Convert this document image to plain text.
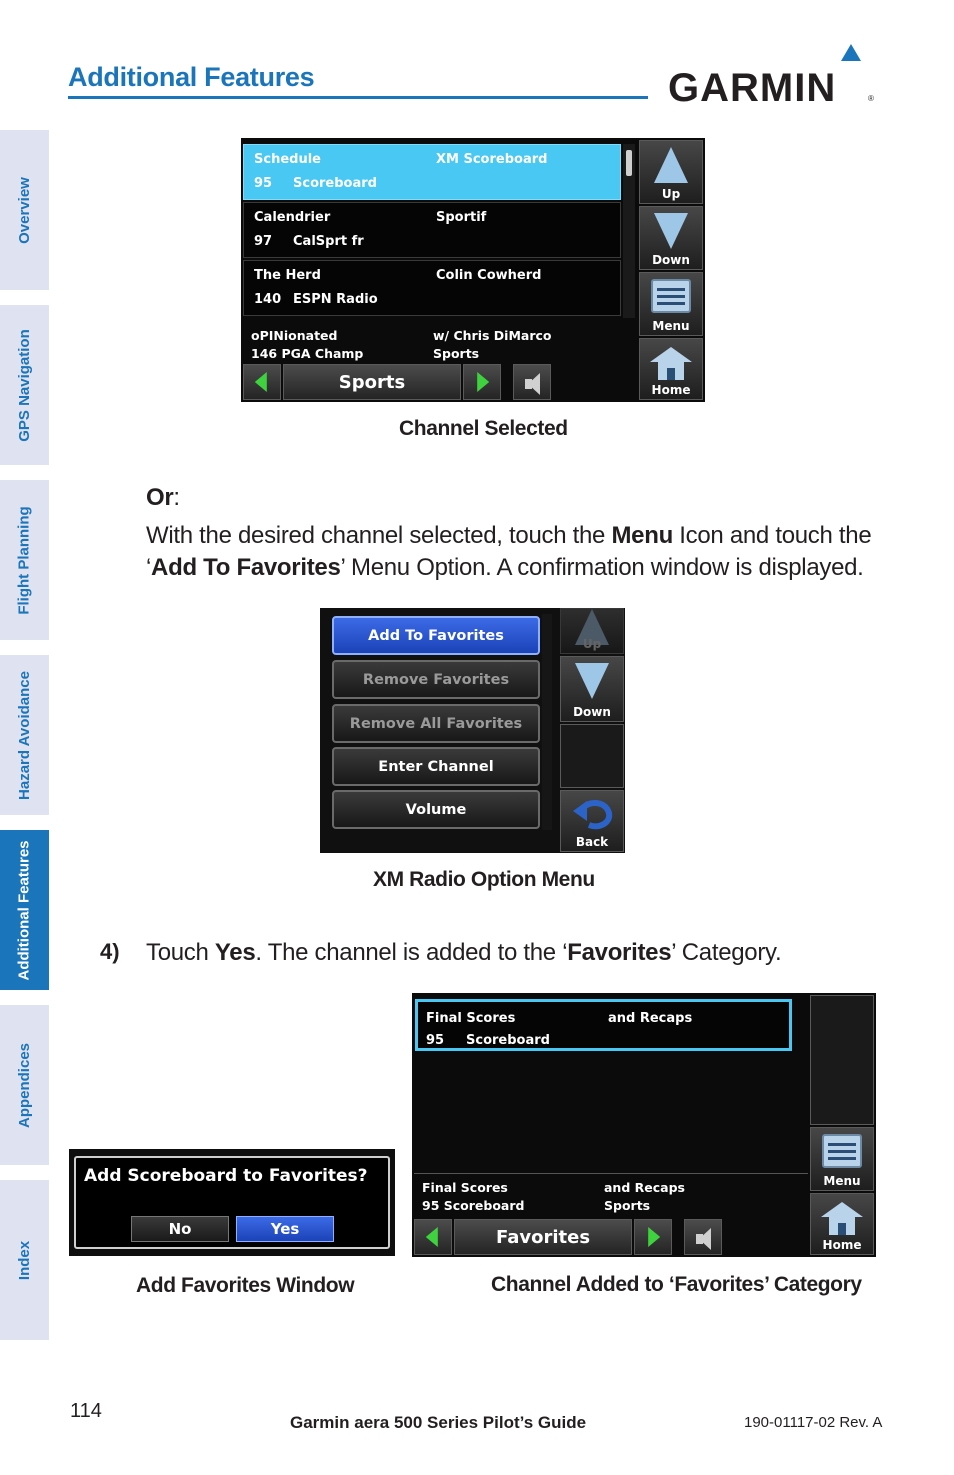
Additional Features	GARMIN	®
Overview
GPS Navigation
Flight Planning
Hazard Avoidance
Additional Features
Appendices
Index
Schedule	XM Scoreboard
95 Scoreboard
Calendrier	Sportif
97 CalSprt fr
The Herd	Colin Cowherd
140 ESPN Radio
oPINionated	w/ Chris DiMarco
146 PGA Champ	Sports
Sports
Up
Down
Menu
Home
Channel Selected
Or:
With the desired channel selected, touch the Menu Icon and touch the
‘Add To Favorites’ Menu Option. A confirmation window is displayed.
Add To Favorites
Remove Favorites
Remove All Favorites
Enter Channel
Volume
Up
Down
Back
XM Radio Option Menu
4) Touch Yes. The channel is added to the ‘Favorites’ Category.
Add Scoreboard to Favorites?
No	Yes
Add Favorites Window
Final Scores	and Recaps
95 Scoreboard
Final Scores	and Recaps
95 Scoreboard	Sports
Favorites
Menu
Home
Channel Added to ‘Favorites’ Category
114
Garmin aera 500 Series Pilot’s Guide	190-01117-02 Rev. A
